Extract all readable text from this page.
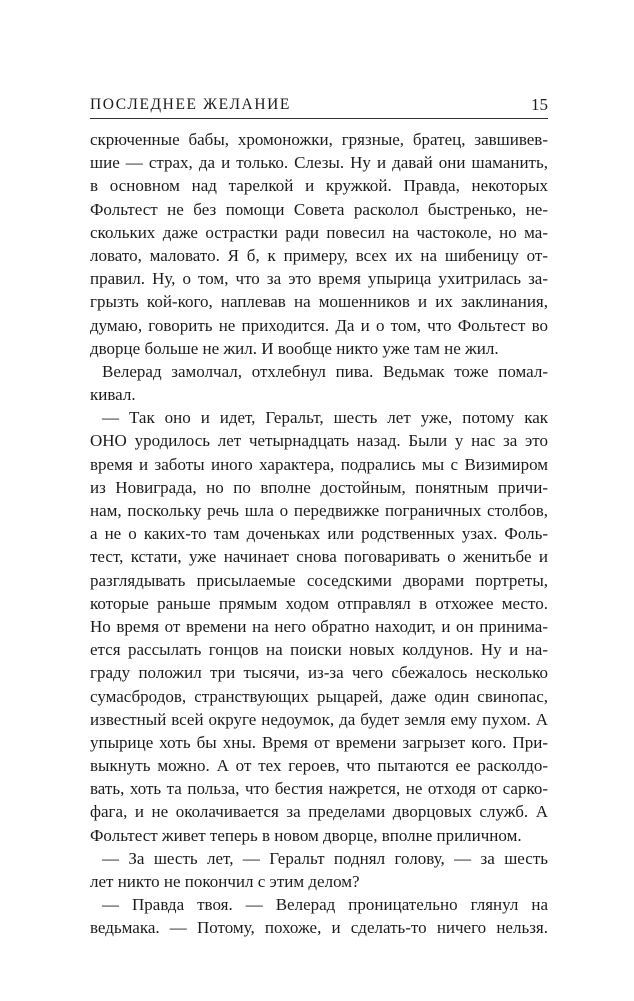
ПОСЛЕДНЕЕ ЖЕЛАНИЕ	15
скрюченные бабы, хромоножки, грязные, братец, завшивев-
шие — страх, да и только. Слезы. Ну и давай они шаманить,
в основном над тарелкой и кружкой. Правда, некоторых
Фольтест не без помощи Совета расколол быстренько, не-
скольких даже остраcтки ради повесил на частоколе, но ма-
ловато, маловато. Я б, к примеру, всех их на шибеницу от-
правил. Ну, о том, что за это время упырица ухитрилась за-
грызть кой-кого, наплевав на мошенников и их заклинания,
думаю, говорить не приходится. Да и о том, что Фольтест во
дворце больше не жил. И вообще никто уже там не жил.
Велерад замолчал, отхлебнул пива. Ведьмак тоже помал-
кивал.
— Так оно и идет, Геральт, шесть лет уже, потому как
ОНО уродилось лет четырнадцать назад. Были у нас за это
время и заботы иного характера, подрались мы с Визимиром
из Новиграда, но по вполне достойным, понятным причи-
нам, поскольку речь шла о передвижке пограничных столбов,
а не о каких-то там доченьках или родственных узах. Фоль-
тест, кстати, уже начинает снова поговаривать о женитьбе и
разглядывать присылаемые соседскими дворами портреты,
которые раньше прямым ходом отправлял в отхожее место.
Но время от времени на него обратно находит, и он принима-
ется рассылать гонцов на поиски новых колдунов. Ну и на-
граду положил три тысячи, из-за чего сбежалось несколько
сумасбродов, странствующих рыцарей, даже один свинопас,
известный всей округе недоумок, да будет земля ему пухом. А
упырице хоть бы хны. Время от времени загрызет кого. При-
выкнуть можно. А от тех героев, что пытаются ее расколдо-
вать, хоть та польза, что бестия нажрется, не отходя от сарко-
фага, и не околачивается за пределами дворцовых служб. А
Фольтест живет теперь в новом дворце, вполне приличном.
— За шесть лет, — Геральт поднял голову, — за шесть
лет никто не покончил с этим делом?
— Правда твоя. — Велерад проницательно глянул на
ведьмака. — Потому, похоже, и сделать-то ничего нельзя.
